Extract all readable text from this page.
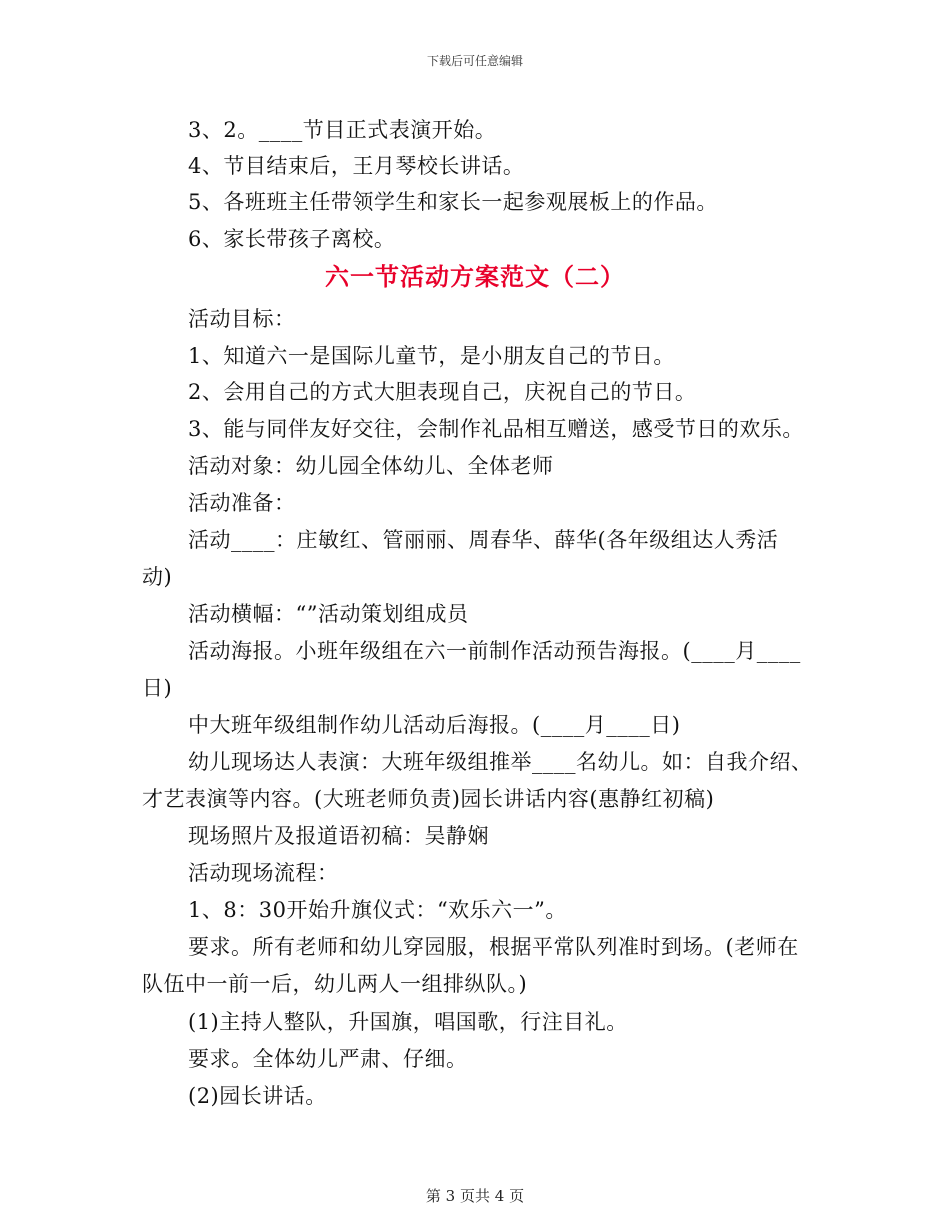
下载后可任意编辑
3、2。____节目正式表演开始。
4、节目结束后，王月琴校长讲话。
5、各班班主任带领学生和家长一起参观展板上的作品。
6、家长带孩子离校。
六一节活动方案范文（二）
活动目标：
1、知道六一是国际儿童节，是小朋友自己的节日。
2、会用自己的方式大胆表现自己，庆祝自己的节日。
3、能与同伴友好交往，会制作礼品相互赠送，感受节日的欢乐。
活动对象：幼儿园全体幼儿、全体老师
活动准备：
活动____：庄敏红、管丽丽、周春华、薛华(各年级组达人秀活
动)
活动横幅：“”活动策划组成员
活动海报。小班年级组在六一前制作活动预告海报。(____月____
日)
中大班年级组制作幼儿活动后海报。(____月____日)
幼儿现场达人表演：大班年级组推举____名幼儿。如：自我介绍、
才艺表演等内容。(大班老师负责)园长讲话内容(惠静红初稿)
现场照片及报道语初稿：吴静娴
活动现场流程：
1、8：30开始升旗仪式：“欢乐六一”。
要求。所有老师和幼儿穿园服，根据平常队列准时到场。(老师在
队伍中一前一后，幼儿两人一组排纵队。)
(1)主持人整队，升国旗，唱国歌，行注目礼。
要求。全体幼儿严肃、仔细。
(2)园长讲话。
第 3 页共 4 页
